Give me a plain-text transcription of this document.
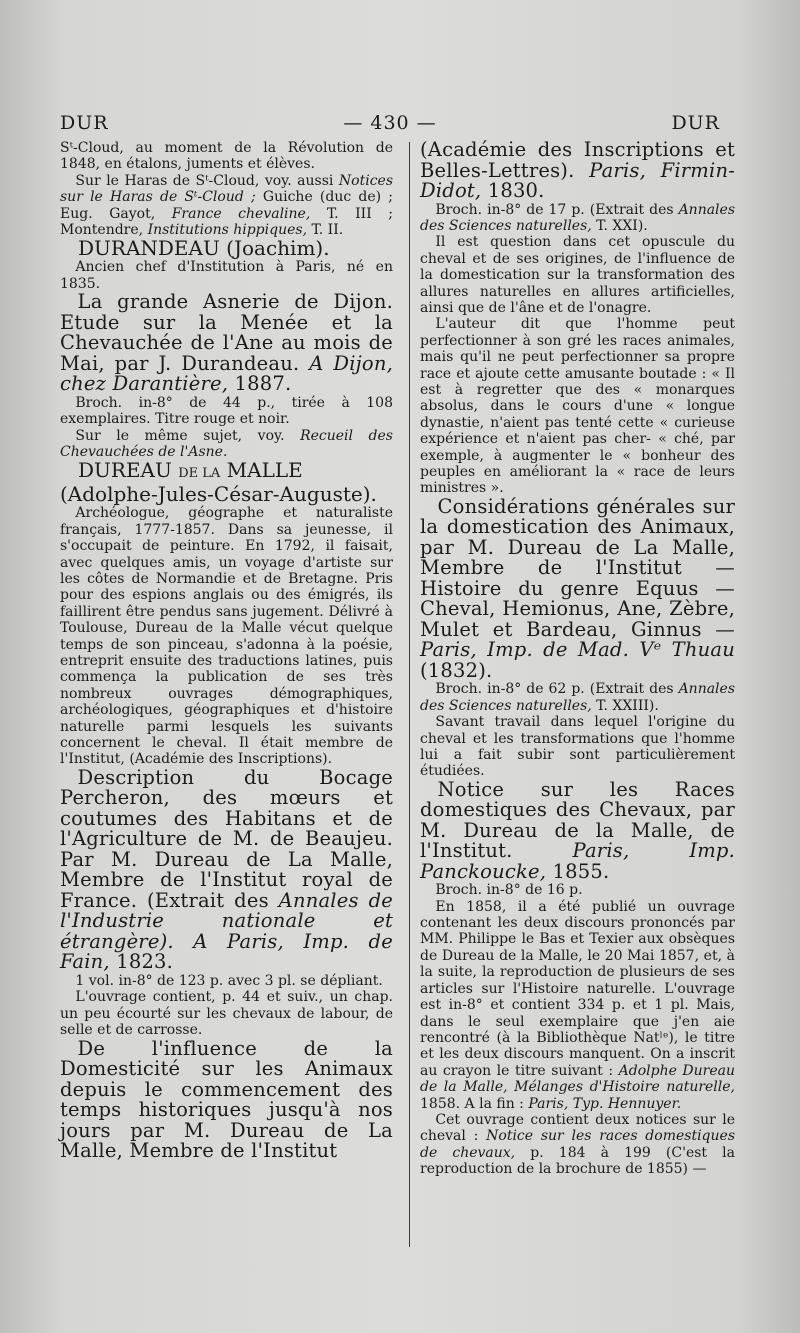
DUR	— 430 —	DUR

Sᵗ-Cloud, au moment de la Révolution de 1848, en étalons, juments et élèves.

Sur le Haras de Sᵗ-Cloud, voy. aussi Notices sur le Haras de Sᵗ-Cloud ; Guiche (duc de) ; Eug. Gayot, France chevaline, T. III ; Montendre, Institutions hippiques, T. II.

DURANDEAU (Joachim).

Ancien chef d'Institution à Paris, né en 1835.

La grande Asnerie de Dijon. Etude sur la Menée et la Chevauchée de l'Ane au mois de Mai, par J. Durandeau. A Dijon, chez Darantière, 1887.

Broch. in-8° de 44 p., tirée à 108 exemplaires. Titre rouge et noir.

Sur le même sujet, voy. Recueil des Chevauchées de l'Asne.

DUREAU DE LA MALLE (Adolphe-Jules-César-Auguste).

Archéologue, géographe et naturaliste français, 1777-1857. Dans sa jeunesse, il s'occupait de peinture. En 1792, il faisait, avec quelques amis, un voyage d'artiste sur les côtes de Normandie et de Bretagne. Pris pour des espions anglais ou des émigrés, ils faillirent être pendus sans jugement. Délivré à Toulouse, Dureau de la Malle vécut quelque temps de son pinceau, s'adonna à la poésie, entreprit ensuite des traductions latines, puis commença la publication de ses très nombreux ouvrages démographiques, archéologiques, géographiques et d'histoire naturelle parmi lesquels les suivants concernent le cheval. Il était membre de l'Institut, (Académie des Inscriptions).

Description du Bocage Percheron, des mœurs et coutumes des Habitans et de l'Agriculture de M. de Beaujeu. Par M. Dureau de La Malle, Membre de l'Institut royal de France. (Extrait des Annales de l'Industrie nationale et étrangère). A Paris, Imp. de Fain, 1823.

1 vol. in-8° de 123 p. avec 3 pl. se dépliant.

L'ouvrage contient, p. 44 et suiv., un chap. un peu écourté sur les chevaux de labour, de selle et de carrosse.

De l'influence de la Domesticité sur les Animaux depuis le commencement des temps historiques jusqu'à nos jours par M. Dureau de La Malle, Membre de l'Institut

(Académie des Inscriptions et Belles-Lettres). Paris, Firmin-Didot, 1830.

Broch. in-8° de 17 p. (Extrait des Annales des Sciences naturelles, T. XXI).

Il est question dans cet opuscule du cheval et de ses origines, de l'influence de la domestication sur la transformation des allures naturelles en allures artificielles, ainsi que de l'âne et de l'onagre.

L'auteur dit que l'homme peut perfectionner à son gré les races animales, mais qu'il ne peut perfectionner sa propre race et ajoute cette amusante boutade : « Il est à regretter que des « monarques absolus, dans le cours d'une « longue dynastie, n'aient pas tenté cette « curieuse expérience et n'aient pas cher- « ché, par exemple, à augmenter le « bonheur des peuples en améliorant la « race de leurs ministres ».

Considérations générales sur la domestication des Animaux, par M. Dureau de La Malle, Membre de l'Institut — Histoire du genre Equus — Cheval, Hemionus, Ane, Zèbre, Mulet et Bardeau, Ginnus — Paris, Imp. de Mad. Vᵉ Thuau (1832).

Broch. in-8° de 62 p. (Extrait des Annales des Sciences naturelles, T. XXIII).

Savant travail dans lequel l'origine du cheval et les transformations que l'homme lui a fait subir sont particulièrement étudiées.

Notice sur les Races domestiques des Chevaux, par M. Dureau de la Malle, de l'Institut. Paris, Imp. Panckoucke, 1855.

Broch. in-8° de 16 p.

En 1858, il a été publié un ouvrage contenant les deux discours prononcés par MM. Philippe le Bas et Texier aux obsèques de Dureau de la Malle, le 20 Mai 1857, et, à la suite, la reproduction de plusieurs de ses articles sur l'Histoire naturelle. L'ouvrage est in-8° et contient 334 p. et 1 pl. Mais, dans le seul exemplaire que j'en aie rencontré (à la Bibliothèque Natˡᵉ), le titre et les deux discours manquent. On a inscrit au crayon le titre suivant : Adolphe Dureau de la Malle, Mélanges d'Histoire naturelle, 1858. A la fin : Paris, Typ. Hennuyer.

Cet ouvrage contient deux notices sur le cheval : Notice sur les races domestiques de chevaux, p. 184 à 199 (C'est la reproduction de la brochure de 1855) —
